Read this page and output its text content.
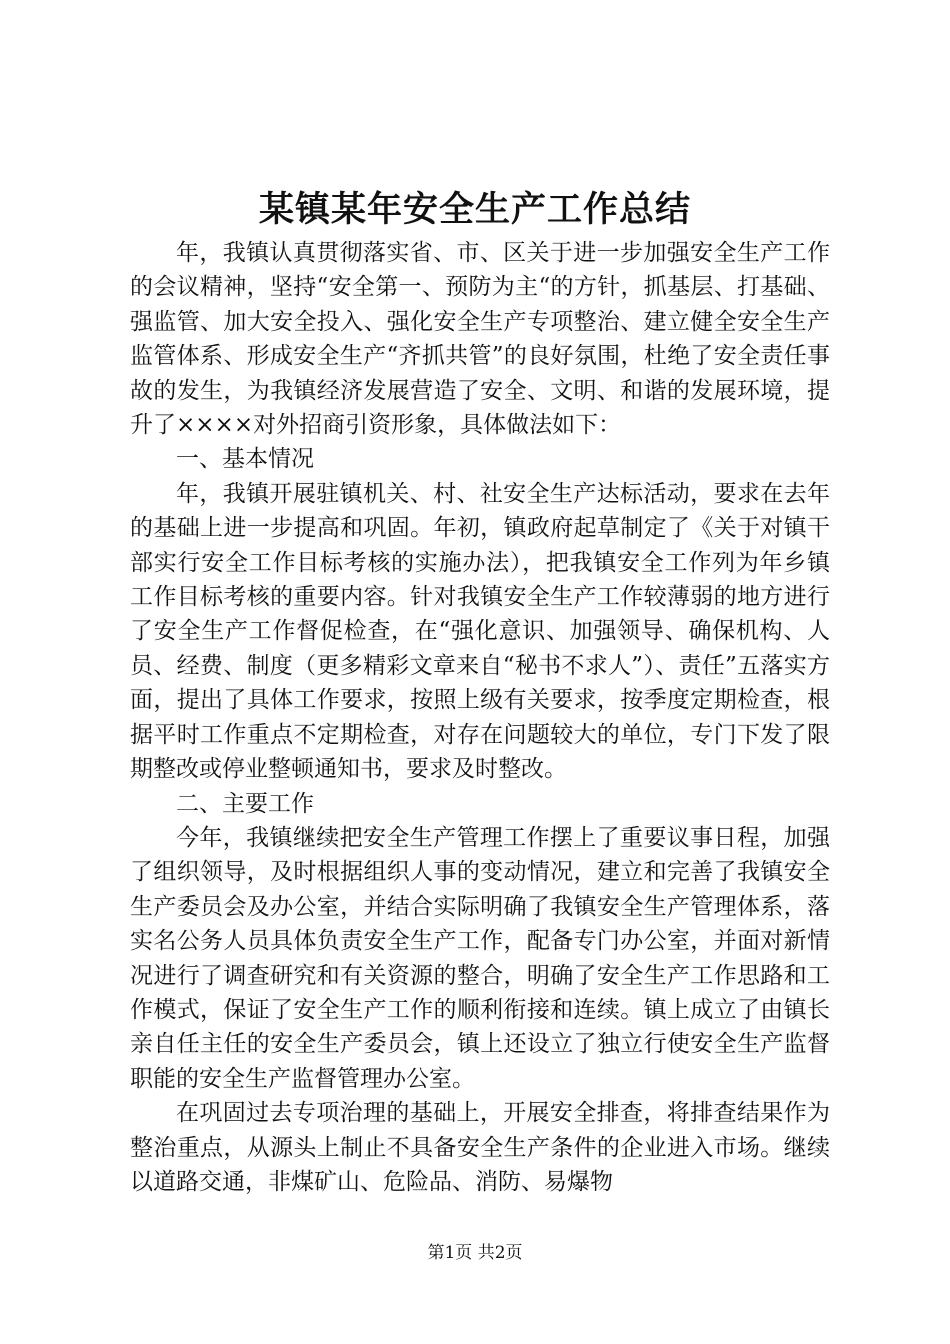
某镇某年安全生产工作总结

年，我镇认真贯彻落实省、市、区关于进一步加强安全生产工作的会议精神，坚持“安全第一、预防为主“的方针，抓基层、打基础、强监管、加大安全投入、强化安全生产专项整治、建立健全安全生产监管体系、形成安全生产“齐抓共管”的良好氛围，杜绝了安全责任事故的发生，为我镇经济发展营造了安全、文明、和谐的发展环境，提升了××××对外招商引资形象，具体做法如下：

一、基本情况

年，我镇开展驻镇机关、村、社安全生产达标活动，要求在去年的基础上进一步提高和巩固。年初，镇政府起草制定了《关于对镇干部实行安全工作目标考核的实施办法），把我镇安全工作列为年乡镇工作目标考核的重要内容。针对我镇安全生产工作较薄弱的地方进行了安全生产工作督促检查，在“强化意识、加强领导、确保机构、人员、经费、制度（更多精彩文章来自“秘书不求人”）、责任”五落实方面，提出了具体工作要求，按照上级有关要求，按季度定期检查，根据平时工作重点不定期检查，对存在问题较大的单位，专门下发了限期整改或停业整顿通知书，要求及时整改。

二、主要工作

今年，我镇继续把安全生产管理工作摆上了重要议事日程，加强了组织领导，及时根据组织人事的变动情况，建立和完善了我镇安全生产委员会及办公室，并结合实际明确了我镇安全生产管理体系，落实名公务人员具体负责安全生产工作，配备专门办公室，并面对新情况进行了调查研究和有关资源的整合，明确了安全生产工作思路和工作模式，保证了安全生产工作的顺利衔接和连续。镇上成立了由镇长亲自任主任的安全生产委员会，镇上还设立了独立行使安全生产监督职能的安全生产监督管理办公室。

在巩固过去专项治理的基础上，开展安全排查，将排查结果作为整治重点，从源头上制止不具备安全生产条件的企业进入市场。继续以道路交通，非煤矿山、危险品、消防、易爆物

第1页 共2页
